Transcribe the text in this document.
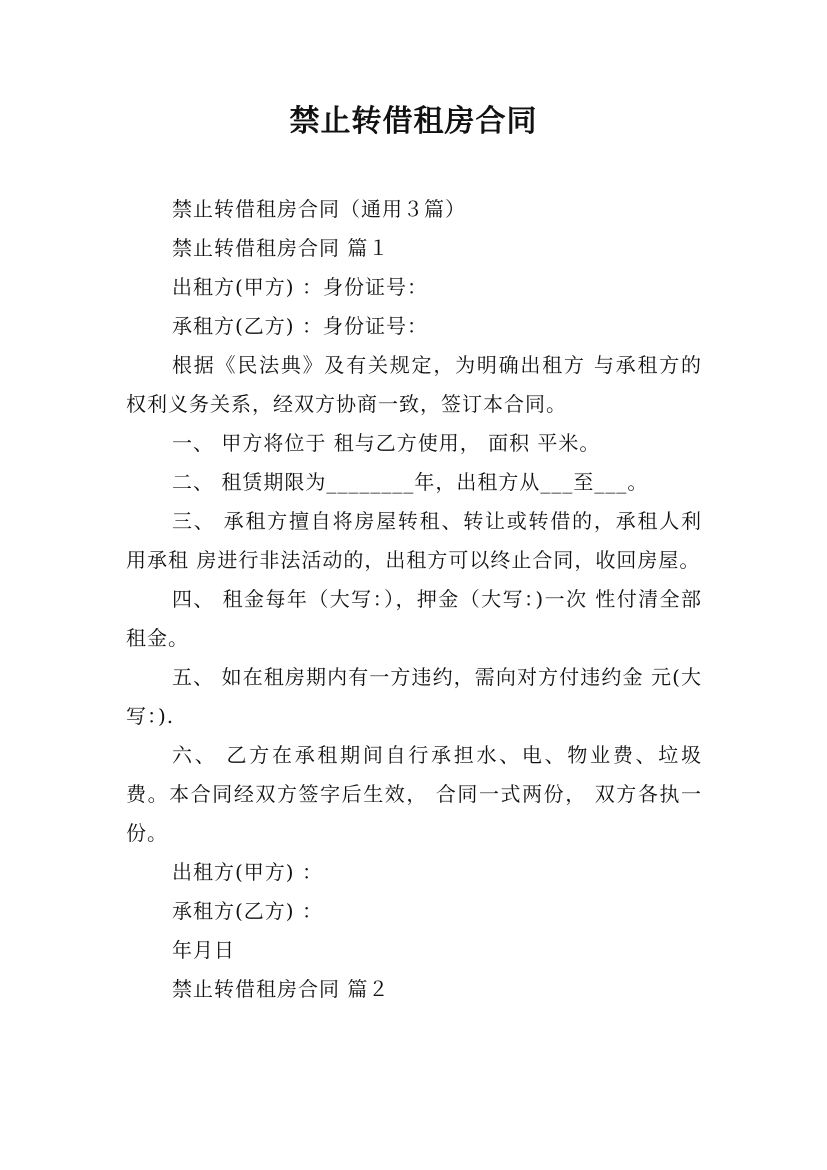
禁止转借租房合同

禁止转借租房合同（通用３篇）

禁止转借租房合同 篇１

出租方(甲方) ：身份证号：

承租方(乙方) ：身份证号：

根据《民法典》及有关规定，为明确出租方 与承租方的权利义务关系，经双方协商一致，签订本合同。

一、 甲方将位于 租与乙方使用， 面积 平米。

二、 租赁期限为________年，出租方从___至___。

三、 承租方擅自将房屋转租、转让或转借的，承租人利用承租 房进行非法活动的，出租方可以终止合同，收回房屋。

四、 租金每年（大写：），押金（大写：)一次 性付清全部租金。

五、 如在租房期内有一方违约，需向对方付违约金 元(大写：).

六、 乙方在承租期间自行承担水、电、物业费、垃圾费。本合同经双方签字后生效， 合同一式两份， 双方各执一份。

出租方(甲方) ：

承租方(乙方) ：

年月日

禁止转借租房合同 篇２
